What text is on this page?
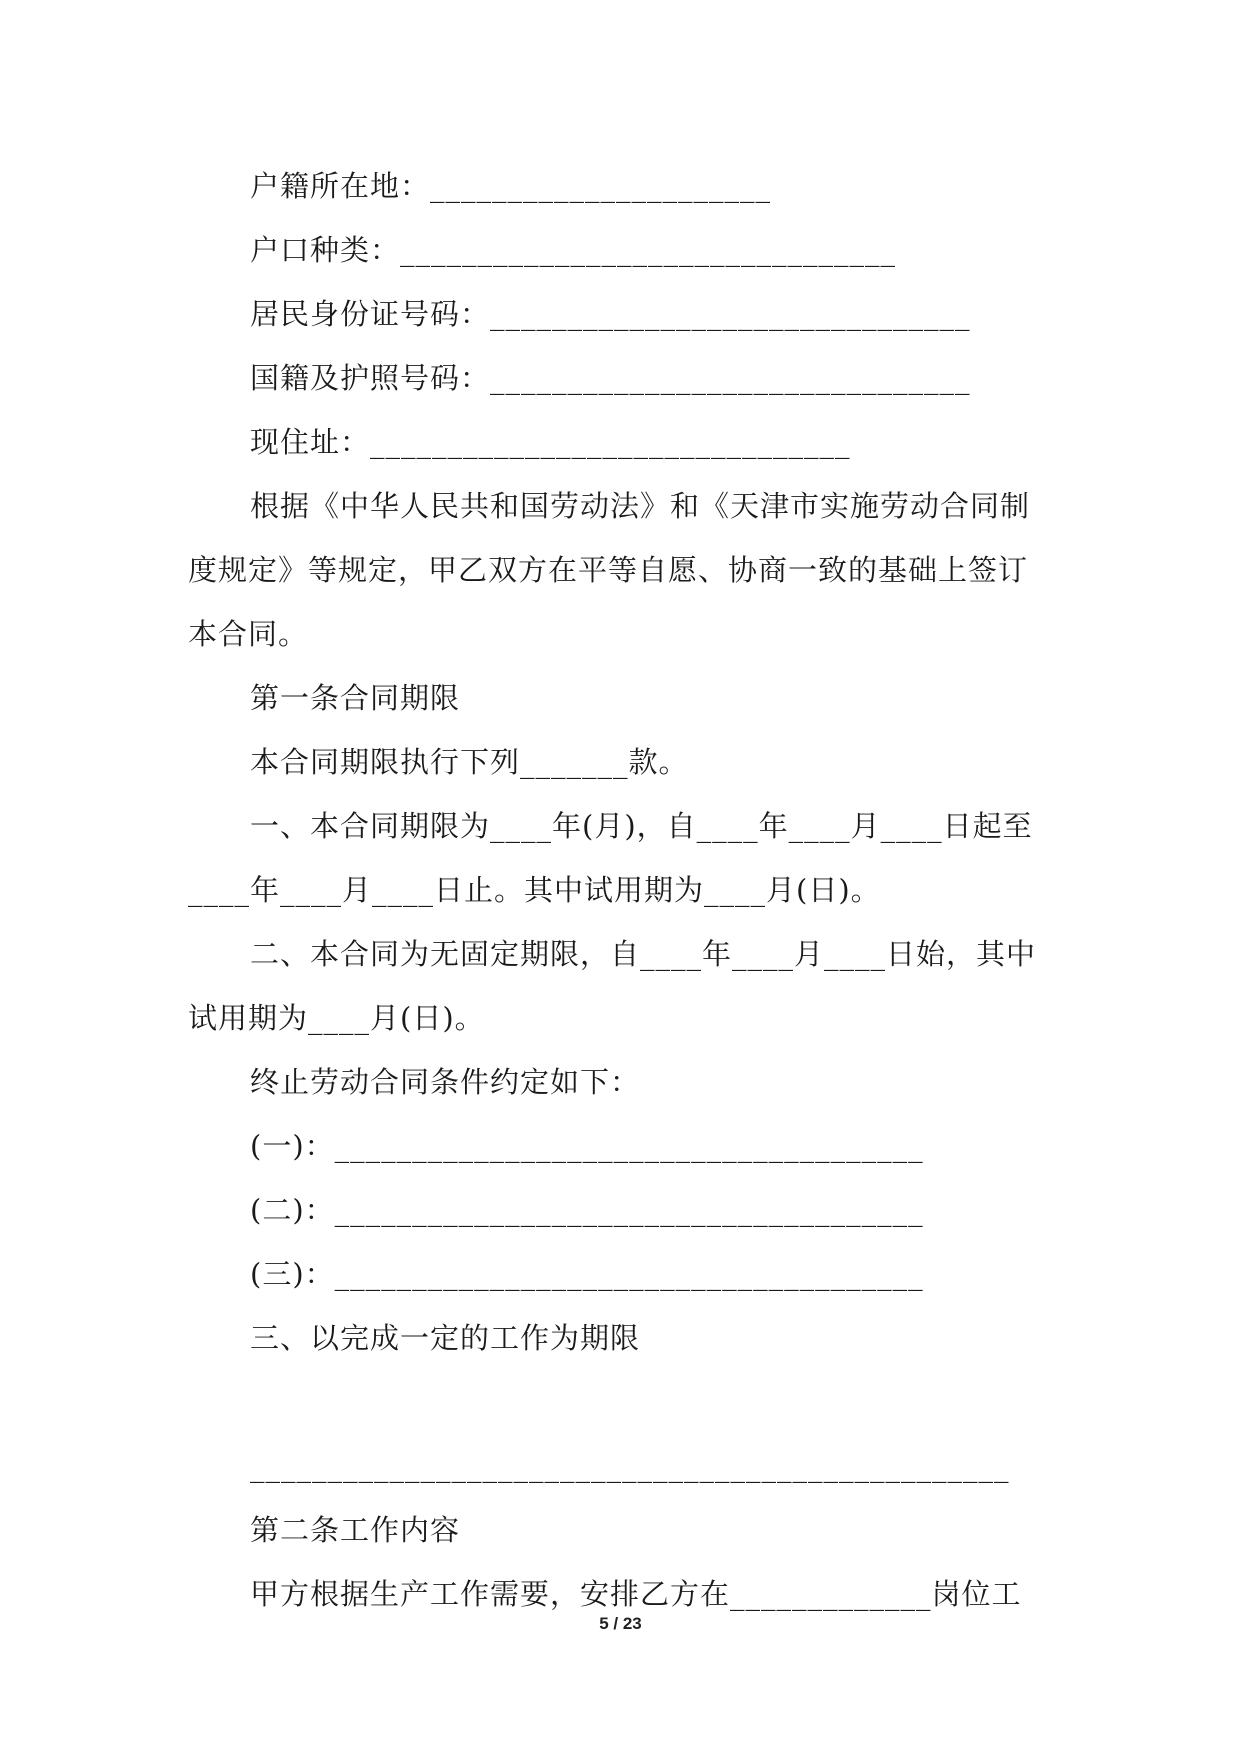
户籍所在地：______________________
户口种类：________________________________
居民身份证号码：_______________________________
国籍及护照号码：_______________________________
现住址：_______________________________
根据《中华人民共和国劳动法》和《天津市实施劳动合同制
度规定》等规定，甲乙双方在平等自愿、协商一致的基础上签订
本合同。
第一条合同期限
本合同期限执行下列_______款。
一、本合同期限为____年(月)，自____年____月____日起至
____年____月____日止。其中试用期为____月(日)。
二、本合同为无固定期限，自____年____月____日始，其中
试用期为____月(日)。
终止劳动合同条件约定如下：
(一)：______________________________________
(二)：______________________________________
(三)：______________________________________
三、以完成一定的工作为期限
_________________________________________________
第二条工作内容
甲方根据生产工作需要，安排乙方在_____________岗位工
5 / 23
